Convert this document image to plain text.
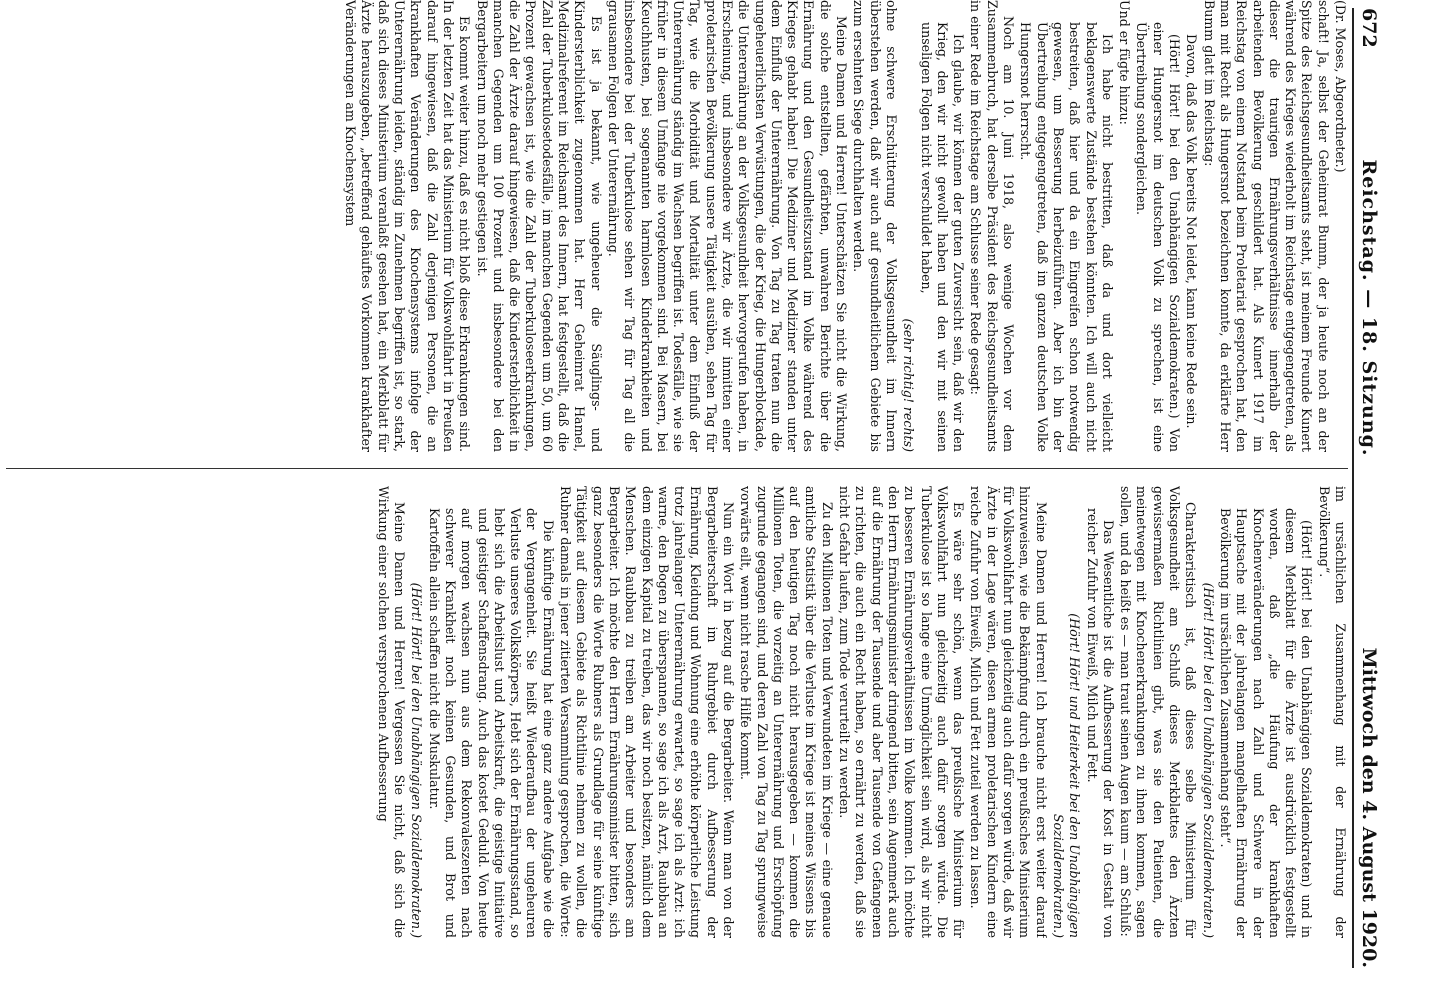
672
Reichstag. — 18. Sitzung.
Mittwoch den 4. August 1920.

(Dr. Moses, Abgeordneter.)

schaft! Ja, selbst der Geheimrat Bumm, der ja heute noch an der Spitze des Reichsgesundheitsamts steht, ist meinem Freunde Kunert während des Krieges wiederholt im Reichstage entgegengetreten, als dieser die traurigen Ernährungsverhältnisse innerhalb der arbeitenden Bevölkerung geschildert hat. Als Kunert 1917 im Reichstag von einem Notstand beim Proletariat gesprochen hat, den man mit Recht als Hungersnot bezeichnen konnte, da erklärte Herr Bumm glatt im Reichstag:

Davon, daß das Volk bereits Not leidet, kann keine Rede sein.

(Hört! Hört! bei den Unabhängigen Sozialdemokraten.) Von einer Hungersnot im deutschen Volk zu sprechen, ist eine Übertreibung sondergleichen.

Und er fügte hinzu:

Ich habe nicht bestritten, daß da und dort vielleicht beklagenswerte Zustände bestehen könnten. Ich will auch nicht bestreiten, daß hier und da ein Eingreifen schon notwendig gewesen, um Besserung herbeizuführen. Aber ich bin der Übertreibung entgegengetreten, daß im ganzen deutschen Volke Hungersnot herrscht.

Noch am 10. Juni 1918, also wenige Wochen vor dem Zusammenbruch, hat derselbe Präsident des Reichsgesundheitsamts in einer Rede im Reichstage am Schlusse seiner Rede gesagt:

Ich glaube, wir können der guten Zuversicht sein, daß wir den Krieg, den wir nicht gewollt haben und den wir mit seinen unseligen Folgen nicht verschuldet haben,

(sehr richtig! rechts)

ohne schwere Erschütterung der Volksgesundheit im Innern überstehen werden, daß wir auch auf gesundheitlichem Gebiete bis zum ersehnten Siege durchhalten werden.

Meine Damen und Herren! Unterschätzen Sie nicht die Wirkung, die solche entstellten, gefärbten, unwahren Berichte über die Ernährung und den Gesundheitszustand im Volke während des Krieges gehabt haben! Die Mediziner und Mediziner standen unter dem Einfluß der Unterernährung. Von Tag zu Tag traten nun die ungeheuerlichsten Verwüstungen, die der Krieg, die Hungerblockade, die Unterernährung an der Volksgesundheit hervorgerufen haben, in Erscheinung, und insbesondere wir Ärzte, die wir inmitten einer proletarischen Bevölkerung unsere Tätigkeit ausüben, sehen Tag für Tag, wie die Morbidität und Mortalität unter dem Einfluß der Unterernährung ständig im Wachsen begriffen ist. Todesfälle, wie sie früher in diesem Umfange nie vorgekommen sind. Bei Masern, bei Keuchhusten, bei sogenannten harmlosen Kinderkrankheiten und insbesondere bei der Tuberkulose sehen wir Tag für Tag all die grausamen Folgen der Unterernährung.

Es ist ja bekannt, wie ungeheuer die Säuglings- und Kindersterblichkeit zugenommen hat. Herr Geheimrat Hamel, Medizinalreferent im Reichsamt des Innern, hat festgestellt, daß die Zahl der Tuberkulosetodesfälle, im manchen Gegenden um 50, um 60 Prozent gewachsen ist, wie die Zahl der Tuberkuloseerkrankungen, die Zahl der Ärzte darauf hingewiesen, daß die Kindersterblichkeit in manchen Gegenden um 100 Prozent und insbesondere bei den Bergarbeitern um noch mehr gestiegen ist.

Es kommt weiter hinzu, daß es nicht bloß diese Erkrankungen sind. In der letzten Zeit hat das Ministerium für Volkswohlfahrt in Preußen darauf hingewiesen, daß die Zahl derjenigen Personen, die an krankhaften Veränderungen des Knochensystems infolge der Unterernährung leiden, ständig im Zunehmen begriffen ist, so stark, daß sich dieses Ministerium veranlaßt gesehen hat, ein Merkblatt für Ärzte herauszugeben, „betreffend gehäuftes Vorkommen krankhafter Veränderungen am Knochensystem

im ursächlichen Zusammenhang mit der Ernährung der Bevölkerung“.

(Hört! Hört! bei den Unabhängigen Sozialdemokraten) und in diesem Merkblatt für die Ärzte ist ausdrücklich festgestellt worden, daß „die Häufung der krankhaften Knochenveränderungen nach Zahl und Schwere in der Hauptsache mit der jahrelangen mangelhaften Ernährung der Bevölkerung im ursächlichen Zusammenhang steht“.

(Hört! Hört! bei den Unabhängigen Sozialdemokraten.)

Charakteristisch ist, daß dieses selbe Ministerium für Volksgesundheit am Schluß dieses Merkblattes den Ärzten gewissermaßen Richtlinien gibt, was sie den Patienten, die meinetwegen mit Knochenerkrankungen zu ihnen kommen, sagen sollen, und da heißt es — man traut seinen Augen kaum — am Schluß:

Das Wesentliche ist die Aufbesserung der Kost in Gestalt von reicher Zufuhr von Eiweiß, Milch und Fett.

(Hört! Hört! und Heiterkeit bei den Unabhängigen Sozialdemokraten.)

Meine Damen und Herren! Ich brauche nicht erst weiter darauf hinzuweisen, wie die Bekämpfung durch ein preußisches Ministerium für Volkswohlfahrt nun gleichzeitig auch dafür sorgen würde, daß wir Ärzte in der Lage wären, diesen armen proletarischen Kindern eine reiche Zufuhr von Eiweiß, Milch und Fett zuteil werden zu lassen.

Es wäre sehr schön, wenn das preußische Ministerium für Volkswohlfahrt nun gleichzeitig auch dafür sorgen würde. Die Tuberkulose ist so lange eine Unmöglichkeit sein wird, als wir nicht zu besseren Ernährungsverhältnissen im Volke kommen. Ich möchte den Herrn Ernährungsminister dringend bitten, sein Augenmerk auch auf die Ernährung der Tausende und aber Tausende von Gefangenen zu richten, die auch ein Recht haben, so ernährt zu werden, daß sie nicht Gefahr laufen, zum Tode verurteilt zu werden.

Zu den Millionen Toten und Verwundeten im Kriege — eine genaue amtliche Statistik über die Verluste im Kriege ist meines Wissens bis auf den heutigen Tag noch nicht herausgegeben — kommen die Millionen Toten, die vorzeitig an Unterernährung und Erschöpfung zugrunde gegangen sind, und deren Zahl von Tag zu Tag sprungweise vorwärts eilt, wenn nicht rasche Hilfe kommt.

Nun ein Wort in bezug auf die Bergarbeiter. Wenn man von der Bergarbeiterschaft im Ruhrgebiet durch Aufbesserung der Ernährung, Kleidung und Wohnung eine erhöhte körperliche Leistung trotz jahrelanger Unterernährung erwartet, so sage ich als Arzt: ich warne, den Bogen zu überspannen, so sage ich als Arzt, Raubbau an dem einzigen Kapital zu treiben, das wir noch besitzen, nämlich dem Menschen. Raubbau zu treiben am Arbeiter und besonders am Bergarbeiter. Ich möchte den Herrn Ernährungsminister bitten, sich ganz besonders die Worte Rubners als Grundlage für seine künftige Tätigkeit auf diesem Gebiete als Richtlinie nehmen zu wollen, die Rubner damals in jener zitierten Versammlung gesprochen, die Worte:

Die künftige Ernährung hat eine ganz andere Aufgabe wie die der Vergangenheit. Sie heißt Wiederaufbau der ungeheuren Verluste unseres Volkskörpers, Hebt sich der Ernährungsstand, so hebt sich die Arbeitslust und Arbeitskraft, die geistige Initiative und geistiger Schaffensdrang. Auch das kostet Geduld. Von heute auf morgen wachsen nun aus dem Rekonvaleszenten nach schwerer Krankheit noch keinen Gesunden, und Brot und Kartoffeln allein schaffen nicht die Muskulatur.

(Hört! Hört! bei den Unabhängigen Sozialdemokraten.)

Meine Damen und Herren! Vergessen Sie nicht, daß sich die Wirkung einer solchen versprochenen Aufbesserung
